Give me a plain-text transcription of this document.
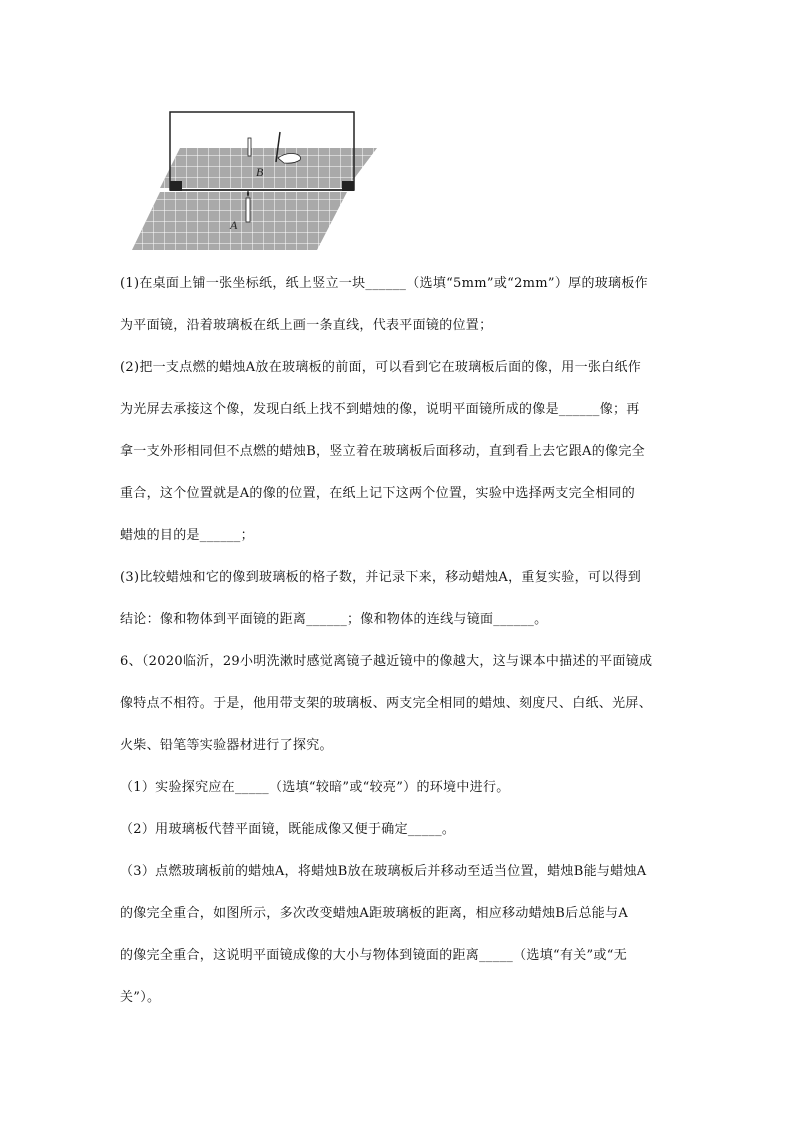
B
A
(1)在桌面上铺一张坐标纸，纸上竖立一块______（选填“5mm”或“2mm”）厚的玻璃板作
为平面镜，沿着玻璃板在纸上画一条直线，代表平面镜的位置；
(2)把一支点燃的蜡烛A放在玻璃板的前面，可以看到它在玻璃板后面的像，用一张白纸作
为光屏去承接这个像，发现白纸上找不到蜡烛的像，说明平面镜所成的像是______像；再
拿一支外形相同但不点燃的蜡烛B，竖立着在玻璃板后面移动，直到看上去它跟A的像完全
重合，这个位置就是A的像的位置，在纸上记下这两个位置，实验中选择两支完全相同的
蜡烛的目的是______；
(3)比较蜡烛和它的像到玻璃板的格子数，并记录下来，移动蜡烛A，重复实验，可以得到
结论：像和物体到平面镜的距离______；像和物体的连线与镜面______。
6、（2020临沂，29小明洗漱时感觉离镜子越近镜中的像越大，这与课本中描述的平面镜成
像特点不相符。于是，他用带支架的玻璃板、两支完全相同的蜡烛、刻度尺、白纸、光屏、
火柴、铅笔等实验器材进行了探究。
（1）实验探究应在_____（选填“较暗”或“较亮”）的环境中进行。
（2）用玻璃板代替平面镜，既能成像又便于确定_____。
（3）点燃玻璃板前的蜡烛A，将蜡烛B放在玻璃板后并移动至适当位置，蜡烛B能与蜡烛A
的像完全重合，如图所示，多次改变蜡烛A距玻璃板的距离，相应移动蜡烛B后总能与A
的像完全重合，这说明平面镜成像的大小与物体到镜面的距离_____（选填“有关”或“无
关”）。
